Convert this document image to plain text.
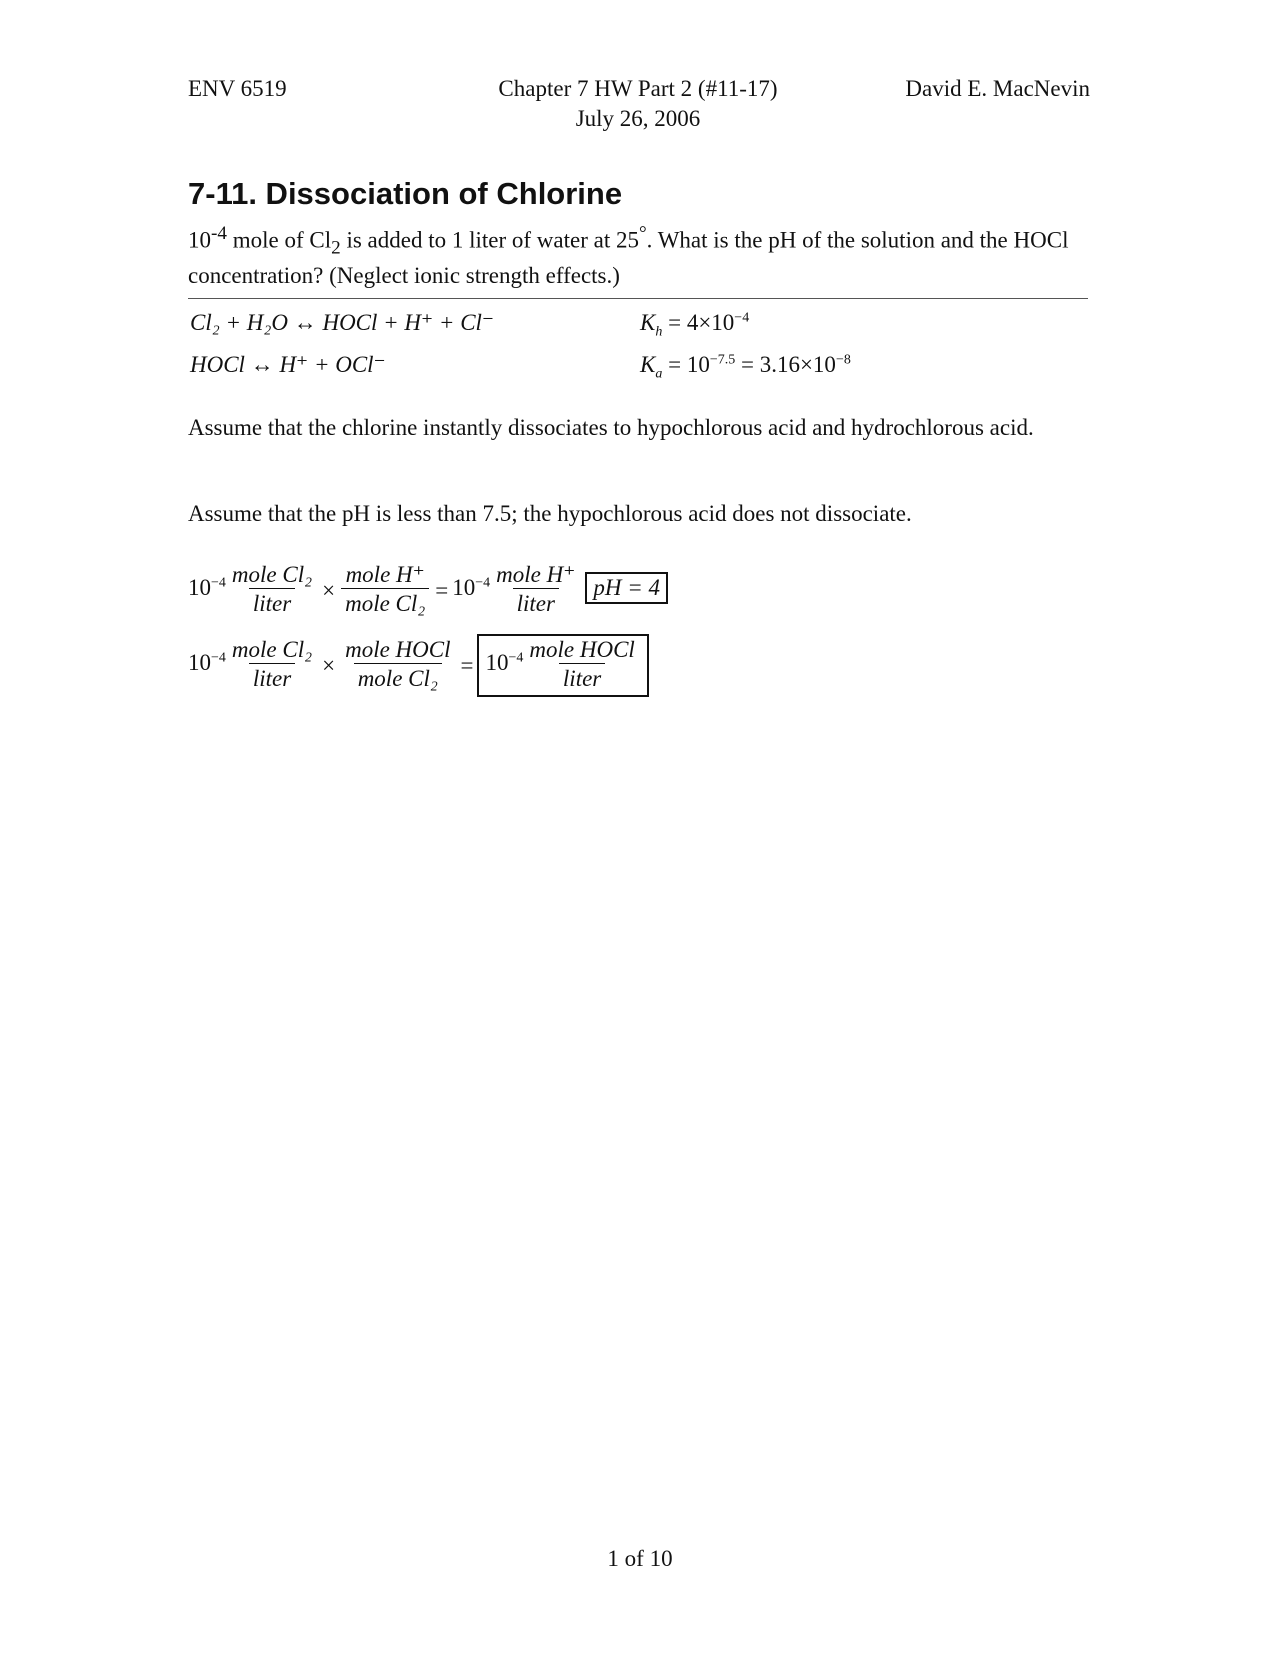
ENV 6519	Chapter 7 HW Part 2 (#11-17)
July 26, 2006
David E. MacNevin
7-11. Dissociation of Chlorine

$10^{-4}$ mole of $Cl_2$ is added to 1 liter of water at 25°. What is the pH of the solution and the HOCl concentration? (Neglect ionic strength effects.)

Cl₂ + H₂O ↔ HOCl + H⁺ + Cl⁻
HOCl ↔ H⁺ + OCl⁻
$K_h = 4\times 10^{-4}$
$K_a = 10^{-7.5} = 3.16\times 10^{-8}$

Assume that the chlorine instantly dissociates to hypochlorous acid and hydrochlorous acid.

Assume that the pH is less than 7.5; the hypochlorous acid does not dissociate.

$10^{-4} \frac{\text{mole Cl₂}}{\text{liter}} \times \frac{\text{mole H⁺}}{\text{mole Cl₂}} = 10^{-4} \frac{\text{mole H⁺}}{\text{liter}}$ pH = 4
$10^{-4} \frac{\text{mole Cl₂}}{\text{liter}} \times \frac{\text{mole HOCl}}{\text{mole Cl₂}} = 10^{-4} \frac{\text{mole HOCl}}{\text{liter}}$
1 of 10
